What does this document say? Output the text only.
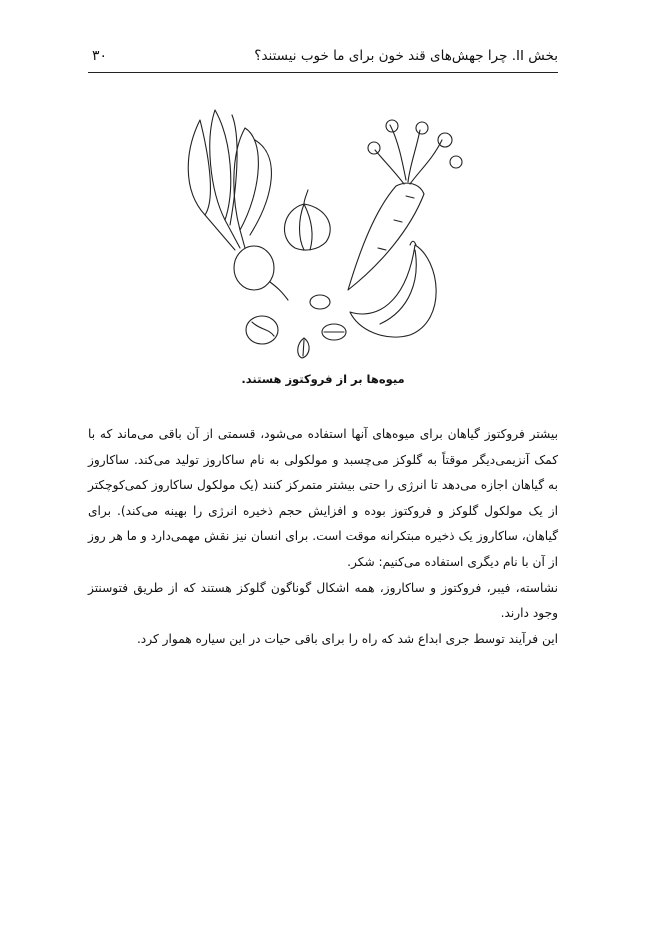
بخش II. چرا جهش‌های قند خون برای ما خوب نیستند؟
۳۰
میوه‌ها بر از فروکتوز هستند.

بیشتر فروکتوز گیاهان برای میوه‌های آنها استفاده می‌شود، قسمتی از آن باقی می‌ماند که با کمک آنزیمی‌دیگر موقتاً به گلوکز می‌چسبد و مولکولی به نام ساکاروز تولید می‌کند. ساکاروز به گیاهان اجازه می‌دهد تا انرژی را حتی بیشتر متمرکز کنند (یک مولکول ساکاروز کمی‌کوچکتر از یک مولکول گلوکز و فروکتوز بوده و افزایش حجم ذخیره انرژی را بهینه می‌کند). برای گیاهان، ساکاروز یک ذخیره مبتکرانه موقت است. برای انسان نیز نقش مهمی‌دارد و ما هر روز از آن با نام دیگری استفاده می‌کنیم: شکر.

نشاسته، فیبر، فروکتوز و ساکاروز، همه اشکال گوناگون گلوکز هستند که از طریق فتوسنتز وجود دارند.

این فرآیند توسط جری ابداع شد که راه را برای باقی حیات در این سیاره هموار کرد.
